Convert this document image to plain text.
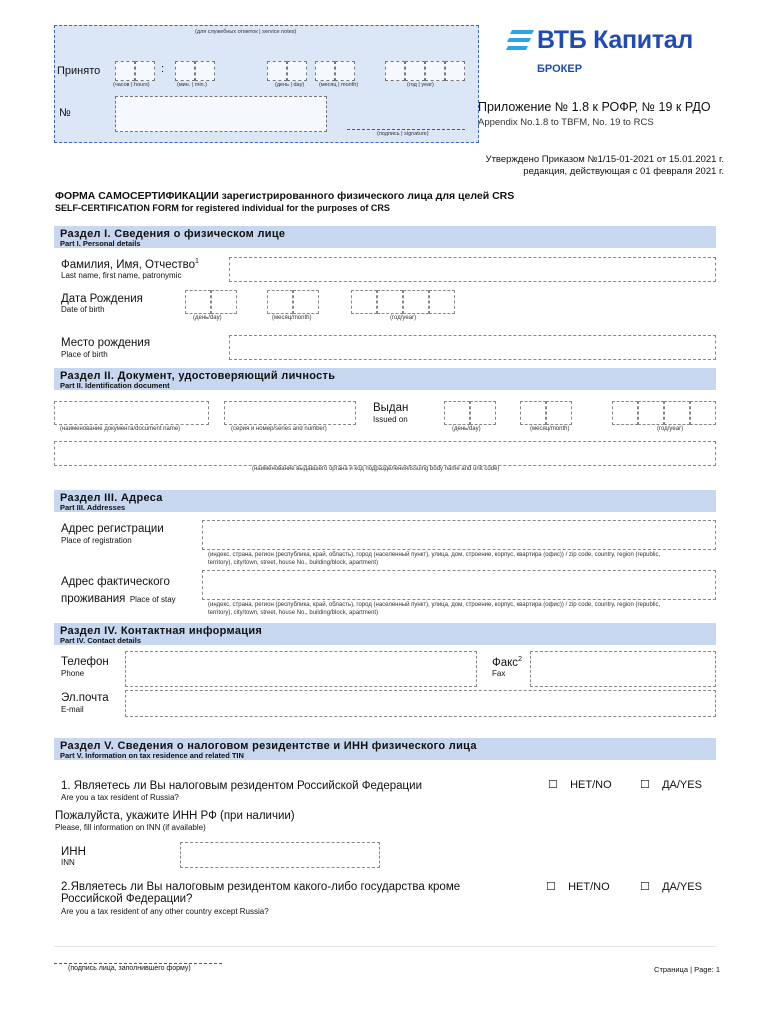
(для служебных отметок | service notes)
Принято	:
(часов | hours)	(мин. | min.)	(день | day)	(месяц | month)	(год | year)
№
(подпись | signature)
ВТБ Капитал
БРОКЕР
Приложение № 1.8 к РОФР, № 19 к РДО
Appendix No.1.8 to TBFM, No. 19 to RCS
Утверждено Приказом №1/15-01-2021 от 15.01.2021 г.
редакция, действующая с 01 февраля 2021 г.
ФОРМА САМОСЕРТИФИКАЦИИ зарегистрированного физического лица для целей CRS
SELF-CERTIFICATION FORM for registered individual for the purposes of CRS
Раздел I. Сведения о физическом лице
Part I. Personal details
Фамилия, Имя, Отчество$^1$
Last name, first name, patronymic
Дата Рождения
Date of birth
(день/day)	(месяц/month)	(год/year)
Место рождения
Place of birth
Раздел II. Документ, удостоверяющий личность
Part II. Identification document
Выдан
Issued on
(наименование документа/document name)	(серия и номер/series and number)	(день/day)	(месяц/month)	(год/year)
(наименование выдавшего органа и код подразделения/issuing body name and unit code)
Раздел III. Адреса
Part III. Addresses
Адрес регистрации
Place of registration
(индекс, страна, регион (республика, край, область), город (населенный пункт), улица, дом, строение, корпус, квартира (офис)) / zip code, country, region (republic,
territory), city/town, street, house No., building/block, apartment)
Адрес фактического
проживания Place of stay
(индекс, страна, регион (республика, край, область), город (населенный пункт), улица, дом, строение, корпус, квартира (офис)) / zip code, country, region (republic,
territory), city/town, street, house No., building/block, apartment)
Раздел IV. Контактная информация
Part IV. Contact details
Телефон
Phone
Факс$^2$
Fax
Эл.почта
E-mail
Раздел V. Сведения о налоговом резидентстве и ИНН физического лица
Part V. Information on tax residence and related TIN
1. Являетесь ли Вы налоговым резидентом Российской Федерации
Are you a tax resident of Russia?
☐    НЕТ/NO	☐    ДА/YES
Пожалуйста, укажите ИНН РФ (при наличии)
Please, fill information on INN (if available)
ИНН
INN
2.Являетесь ли Вы налоговым резидентом какого-либо государства кроме
Российской Федерации?
Are you a tax resident of any other country except Russia?
☐    НЕТ/NO	☐    ДА/YES
(подпись лица, заполнившего форму)	Страница | Page: 1
